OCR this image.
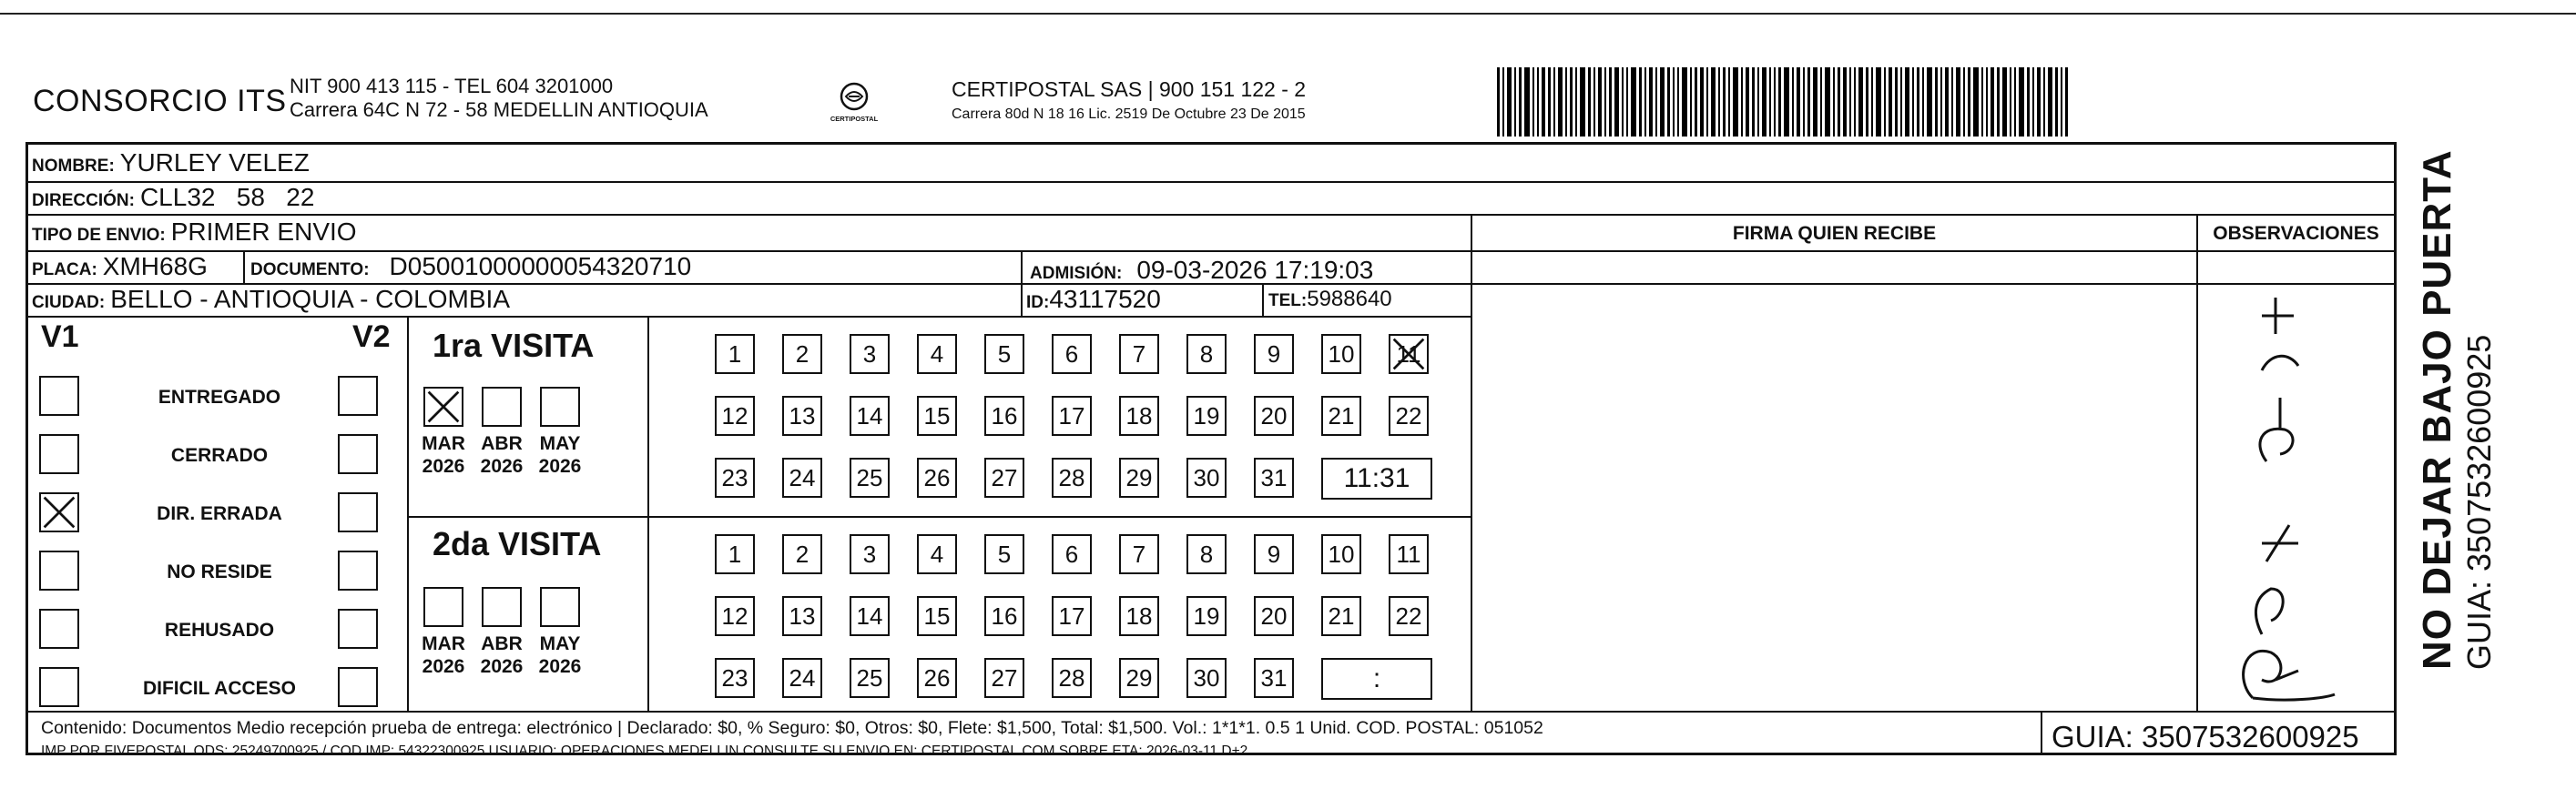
CONSORCIO ITS NIT 900 413 115 - TEL 604 3201000
Carrera 64C N 72 - 58 MEDELLIN ANTIOQUIA	CERTIPOSTAL
CERTIPOSTAL SAS | 900 151 122 - 2
Carrera 80d N 18 16 Lic. 2519 De Octubre 23 De 2015
NOMBRE: YURLEY VELEZ
DIRECCIÓN: CLL32   58   22
TIPO DE ENVIO: PRIMER ENVIO
PLACA: XMH68G DOCUMENTO: D05001000000054320710	ADMISIÓN: 09-03-2026 17:19:03
CIUDAD: BELLO - ANTIOQUIA - COLOMBIA	ID: 43117520	TEL: 5988640
FIRMA QUIEN RECIBE	OBSERVACIONES
V1	V2
ENTREGADO
CERRADO
DIR. ERRADA
NO RESIDE
REHUSADO
DIFICIL ACCESO
1ra VISITA
MAR
2026
ABR
2026
MAY
2026
1 2 3 4 5 6 7 8 9 10 11
12 13 14 15 16 17 18 19 20 21 22
23 24 25 26 27 28 29 30 31	11:31
2da VISITA
MAR
2026
ABR
2026
MAY
2026
1 2 3 4 5 6 7 8 9 10 11
12 13 14 15 16 17 18 19 20 21 22
23 24 25 26 27 28 29 30 31	:
Contenido: Documentos Medio recepción prueba de entrega: electrónico | Declarado: $0, % Seguro: $0, Otros: $0, Flete: $1,500, Total: $1,500. Vol.: 1*1*1. 0.5 1 Unid. COD. POSTAL: 051052
IMP POR FIVEPOSTAL ODS: 25249700925 / COD.IMP: 54322300925 USUARIO: OPERACIONES MEDELLIN CONSULTE SU ENVIO EN: CERTIPOSTAL.COM SOBRE ETA: 2026-03-11 D+2	GUIA: 3507532600925
NO DEJAR BAJO PUERTA GUIA: 3507532600925
